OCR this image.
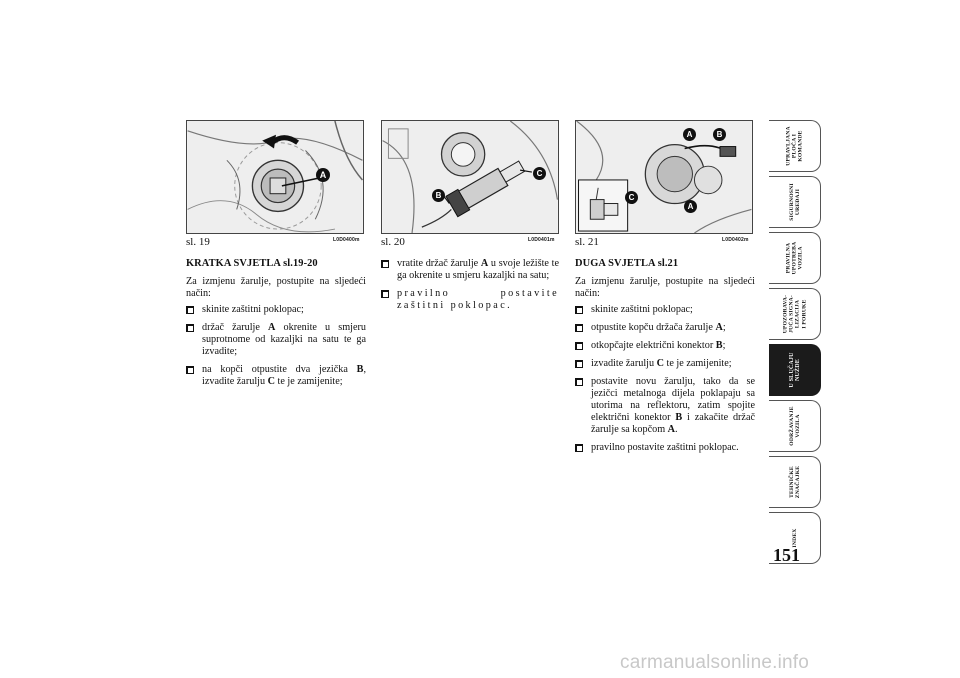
A
sl. 19	L0D0400m
B
C
sl. 20	L0D0401m
A	B
C
A
sl. 21	L0D0402m
KRATKA SVJETLA sl.19-20

Za izmjenu žarulje, postupite na sljedeći način:

skinite zaštitni poklopac;
držač žarulje A okrenite u smjeru suprotnome od kazaljki na satu te ga izvadite;
na kopči otpustite dva jezička B, izvadite žarulju C te je zamijenite;
vratite držač žarulje A u svoje ležište te ga okrenite u smjeru kazaljki na satu;
pravilno postavite zaštitni poklopac.
DUGA SVJETLA sl.21

Za izmjenu žarulje, postupite na sljedeći način:

skinite zaštitni poklopac;
otpustite kopču držača žarulje A;
otkopčajte električni konektor B;
izvadite žarulju C te je zamijenite;
postavite novu žarulju, tako da se jezičci metalnoga dijela poklapaju sa utorima na reflektoru, zatim spojite električni konektor B i zakačite držač žarulje sa kopčom A.
pravilno postavite zaštitni poklopac.
UPRAVLJANA
PLOČA I
KOMANDE
SIGURNOSNI
UREĐAJI
PRAVILNA
UPOTREBA
VOZILA
UPOZORAVA-
JUĆA SIGNA-
LIZACIJA
I PORUKE
U SLUČAJU
NUŽDE
ODRŽAVANJE
VOZILA
TEHNIČKE
ZNAČAJKE
INDEX
151
carmanualsonline.info
